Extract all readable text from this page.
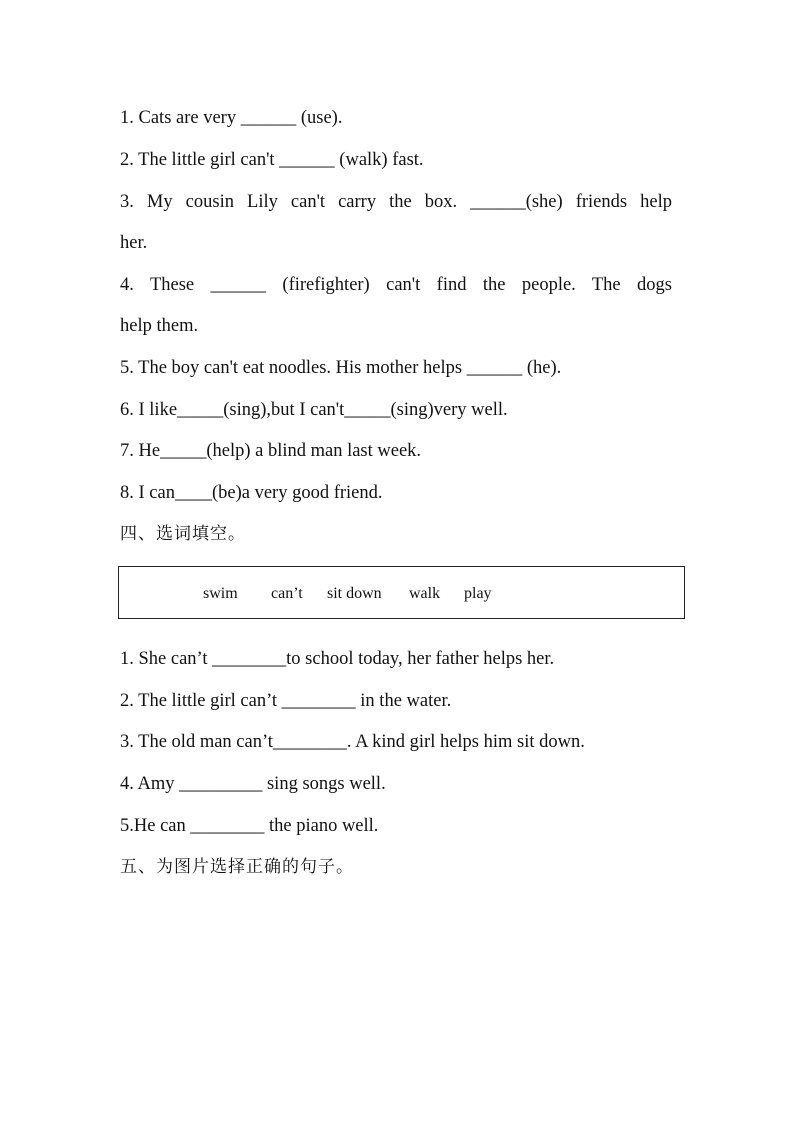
1. Cats are very ______ (use).
2. The little girl can't ______ (walk) fast.
3. My cousin Lily can't carry the box. ______(she) friends help
her.
4. These ______ (firefighter) can't find the people. The dogs
help them.
5. The boy can't eat noodles. His mother helps ______ (he).
6. I like_____(sing),but I can't_____(sing)very well.
7. He_____(help) a blind man last week.
8. I can____(be)a very good friend.
四、选词填空。
swim can’t sit down walk play
1. She can’t ________to school today, her father helps her.
2. The little girl can’t ________ in the water.
3. The old man can’t________. A kind girl helps him sit down.
4. Amy _________ sing songs well.
5.He can ________ the piano well.
五、为图片选择正确的句子。
